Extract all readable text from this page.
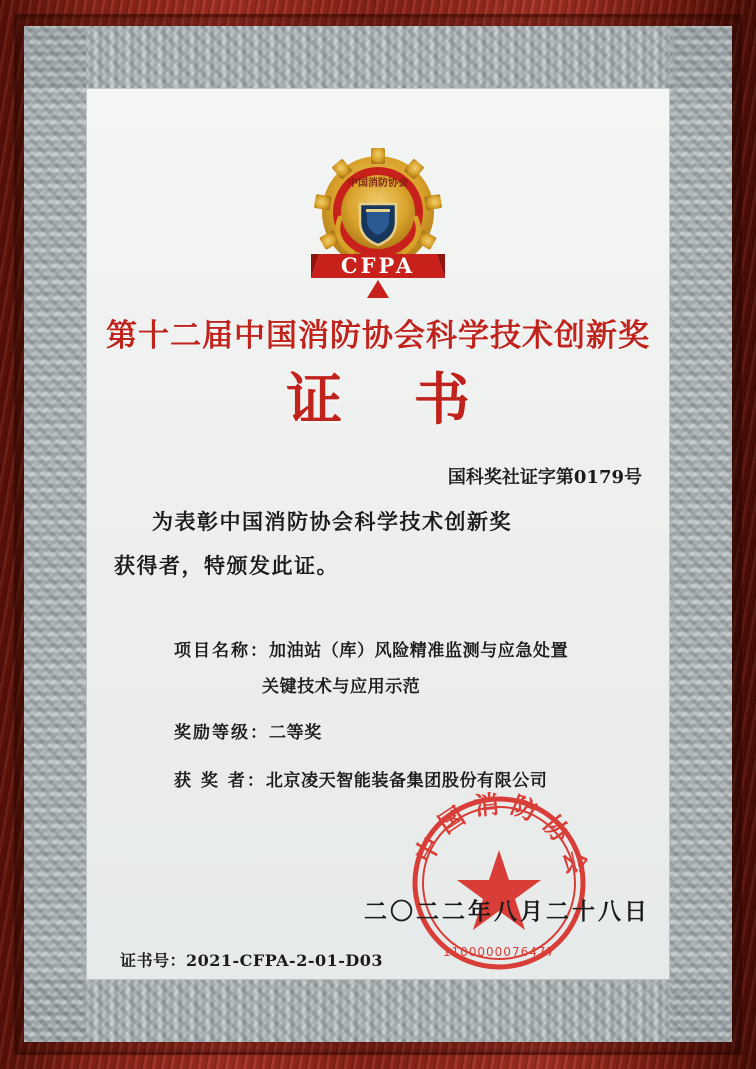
中国消防协会
CFPA
第十二届中国消防协会科学技术创新奖
证 书
国科奖社证字第0179号
为表彰中国消防协会科学技术创新奖
获得者，特颁发此证。
项目名称：加油站（库）风险精准监测与应急处置
关键技术与应用示范
奖励等级：二等奖
获 奖 者：北京凌天智能装备集团股份有限公司
中国消防协会
1100000076477
二〇二二年八月二十八日
证书号：2021-CFPA-2-01-D03
